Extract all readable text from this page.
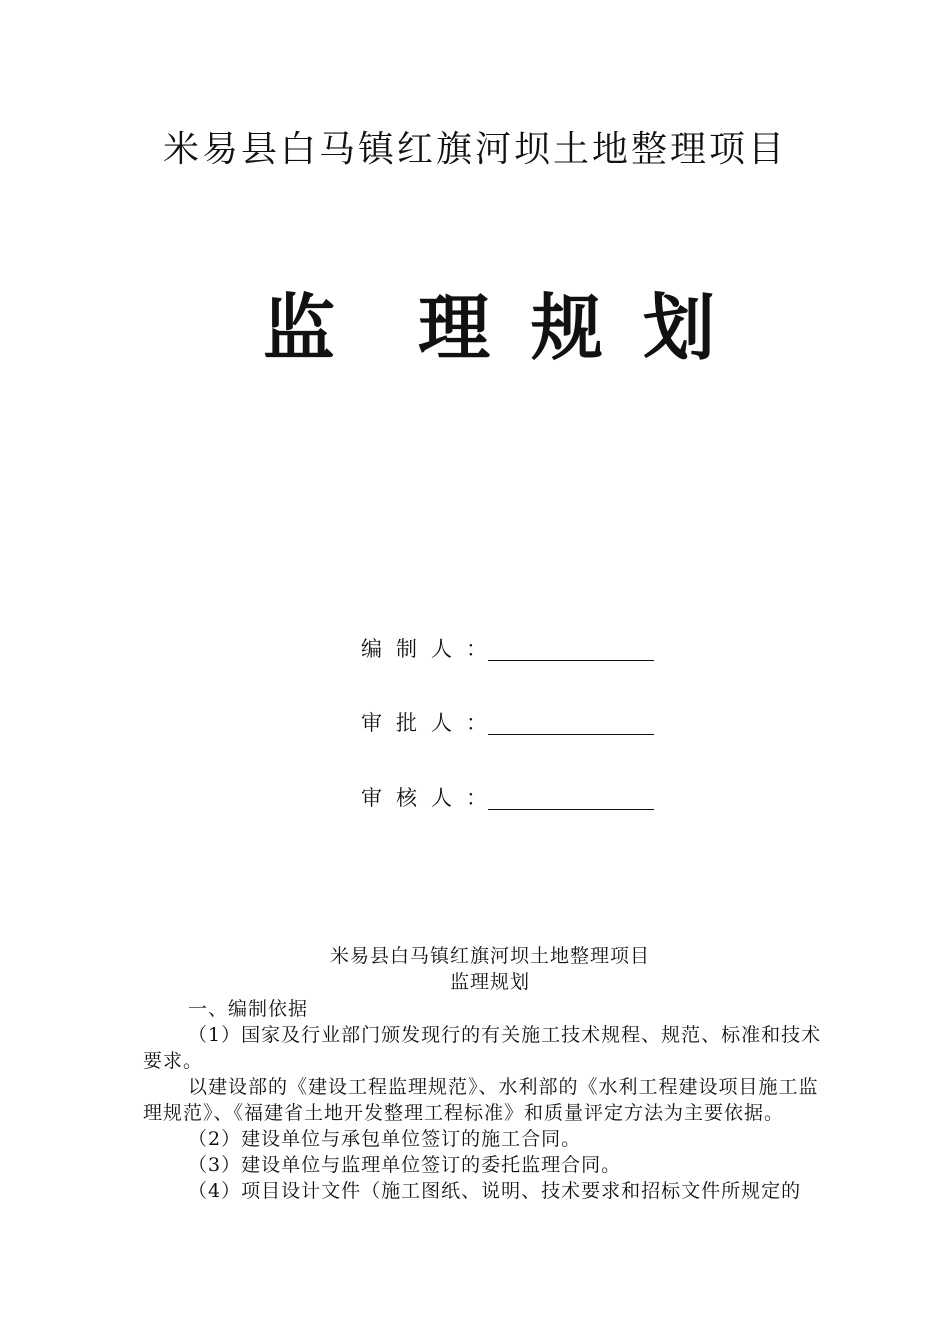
米易县白马镇红旗河坝土地整理项目
监 理 规 划
编制人：
审批人：
审核人：
米易县白马镇红旗河坝土地整理项目
监理规划

一、编制依据

（1）国家及行业部门颁发现行的有关施工技术规程、规范、标准和技术要求。

以建设部的《建设工程监理规范》、水利部的《水利工程建设项目施工监理规范》、《福建省土地开发整理工程标准》和质量评定方法为主要依据。

（2）建设单位与承包单位签订的施工合同。

（3）建设单位与监理单位签订的委托监理合同。

（4）项目设计文件（施工图纸、说明、技术要求和招标文件所规定的
